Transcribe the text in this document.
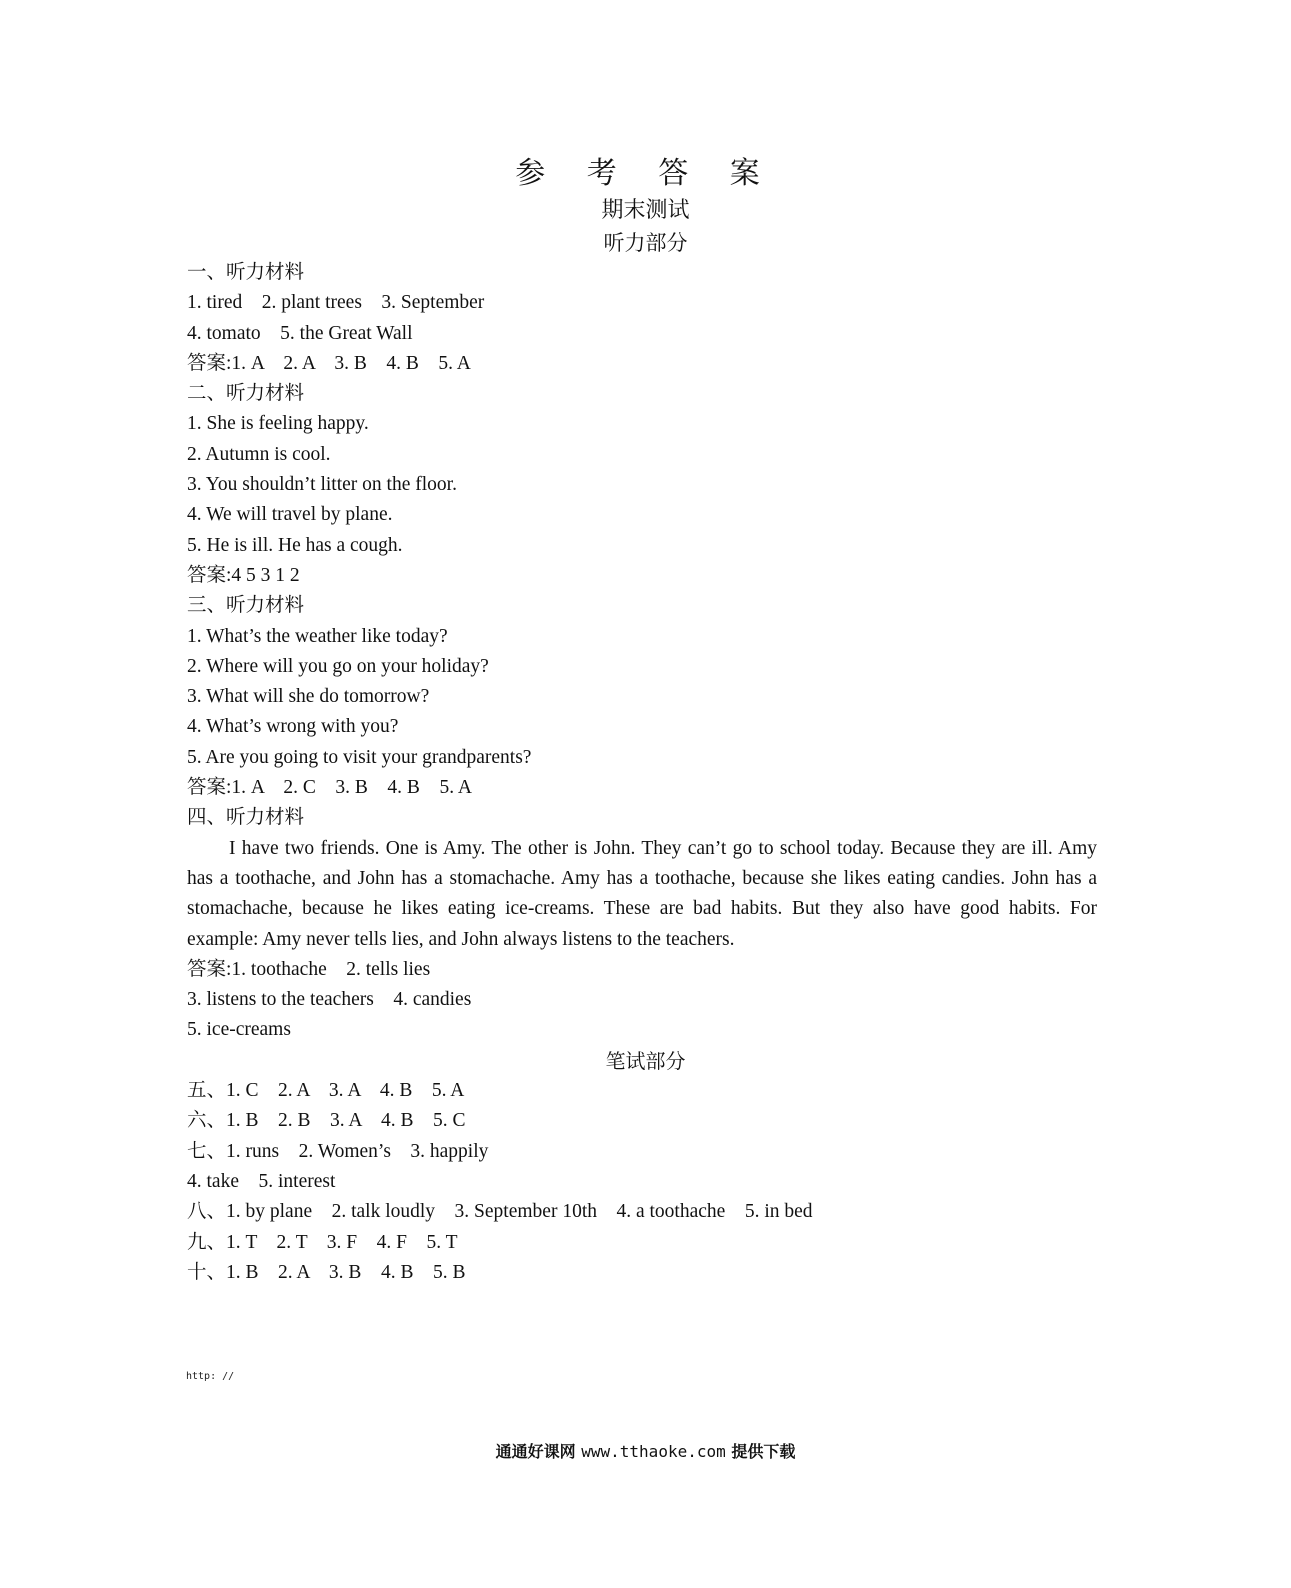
参 考 答 案
期末测试
听力部分
一、听力材料
1. tired    2. plant trees    3. September
4. tomato    5. the Great Wall
答案:1. A    2. A    3. B    4. B    5. A
二、听力材料
1. She is feeling happy.
2. Autumn is cool.
3. You shouldn’t litter on the floor.
4. We will travel by plane.
5. He is ill. He has a cough.
答案:4 5 3 1 2
三、听力材料
1. What’s the weather like today?
2. Where will you go on your holiday?
3. What will she do tomorrow?
4. What’s wrong with you?
5. Are you going to visit your grandparents?
答案:1. A    2. C    3. B    4. B    5. A
四、听力材料
I have two friends. One is Amy. The other is John. They can’t go to school today. Because they are ill. Amy has a toothache, and John has a stomachache. Amy has a toothache, because she likes eating candies. John has a stomachache, because he likes eating ice-creams. These are bad habits. But they also have good habits. For example: Amy never tells lies, and John always listens to the teachers.
答案:1. toothache    2. tells lies
3. listens to the teachers    4. candies
5. ice-creams
笔试部分
五、1. C    2. A    3. A    4. B    5. A
六、1. B    2. B    3. A    4. B    5. C
七、1. runs    2. Women’s    3. happily
4. take    5. interest
八、1. by plane    2. talk loudly    3. September 10th    4. a toothache    5. in bed
九、1. T    2. T    3. F    4. F    5. T
十、1. B    2. A    3. B    4. B    5. B
http: //
通通好课网 www.tthaoke.com 提供下载
